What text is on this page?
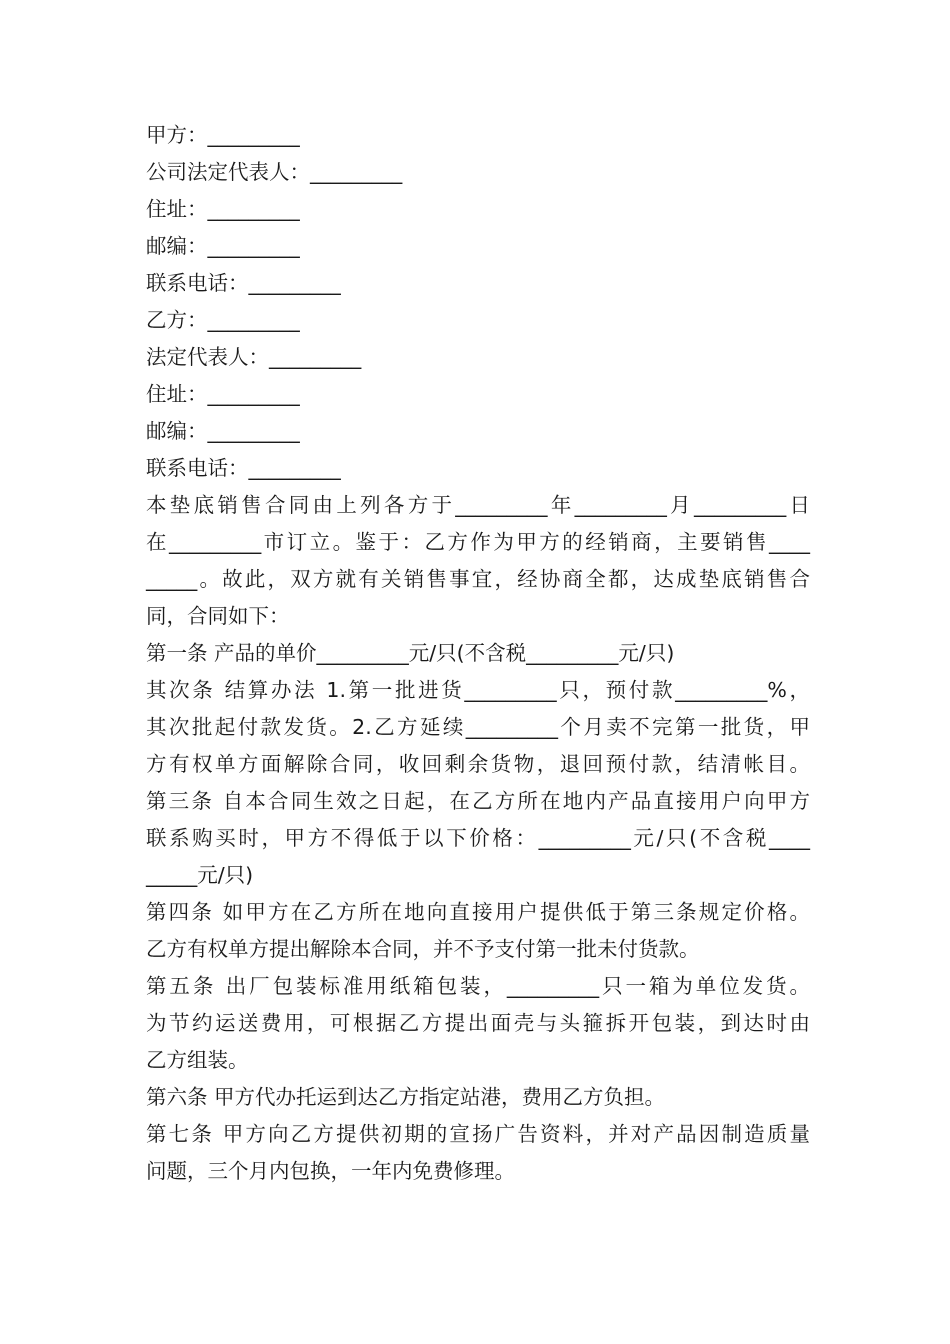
甲方：_________

公司法定代表人：_________

住址：_________

邮编：_________

联系电话：_________

乙方：_________

法定代表人：_________

住址：_________

邮编：_________

联系电话：_________

本垫底销售合同由上列各方于_________年_________月_________日

在_________市订立。鉴于：乙方作为甲方的经销商，主要销售____

_____。故此，双方就有关销售事宜，经协商全都，达成垫底销售合

同，合同如下：

第一条 产品的单价_________元/只(不含税_________元/只)

其次条 结算办法 1.第一批进货_________只，预付款_________%，

其次批起付款发货。2.乙方延续_________个月卖不完第一批货，甲

方有权单方面解除合同，收回剩余货物，退回预付款，结清帐目。

第三条 自本合同生效之日起，在乙方所在地内产品直接用户向甲方

联系购买时，甲方不得低于以下价格：_________元/只(不含税____

_____元/只)

第四条 如甲方在乙方所在地向直接用户提供低于第三条规定价格。

乙方有权单方提出解除本合同，并不予支付第一批未付货款。

第五条 出厂包装标准用纸箱包装，_________只一箱为单位发货。

为节约运送费用，可根据乙方提出面壳与头箍拆开包装，到达时由

乙方组装。

第六条 甲方代办托运到达乙方指定站港，费用乙方负担。

第七条 甲方向乙方提供初期的宣扬广告资料，并对产品因制造质量

问题，三个月内包换，一年内免费修理。
